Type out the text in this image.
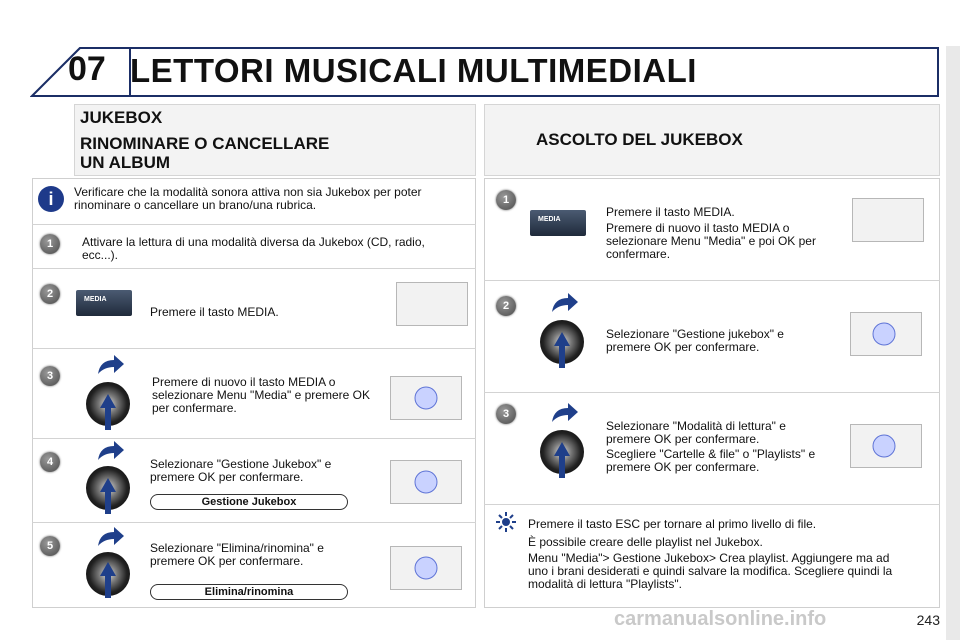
07 LETTORI MUSICALI MULTIMEDIALI
JUKEBOX
RINOMINARE O CANCELLARE
UN ALBUM
i	Verificare che la modalità sonora attiva non sia Jukebox per poter rinominare o cancellare un brano/una rubrica.
1	Attivare la lettura di una modalità diversa da Jukebox (CD, radio, ecc...).
2	MEDIA
Premere il tasto MEDIA.
3	Premere di nuovo il tasto MEDIA o selezionare Menu "Media" e premere OK per confermare.
4	Selezionare "Gestione Jukebox" e premere OK per confermare.
Gestione Jukebox
5	Selezionare "Elimina/rinomina" e premere OK per confermare.
Elimina/rinomina
ASCOLTO DEL JUKEBOX
1
MEDIA
Premere il tasto MEDIA.
Premere di nuovo il tasto MEDIA o selezionare Menu "Media" e poi OK per confermare.
2
Selezionare "Gestione jukebox" e premere OK per confermare.
3
Selezionare "Modalità di lettura" e premere OK per confermare.
Scegliere "Cartelle & file" o "Playlists" e premere OK per confermare.
Premere il tasto ESC per tornare al primo livello di file.
È possibile creare delle playlist nel Jukebox.
Menu "Media"> Gestione Jukebox> Crea playlist. Aggiungere ma ad uno i brani desiderati e quindi salvare la modifica. Scegliere quindi la modalità di lettura "Playlists".
243
carmanualsonline.info
